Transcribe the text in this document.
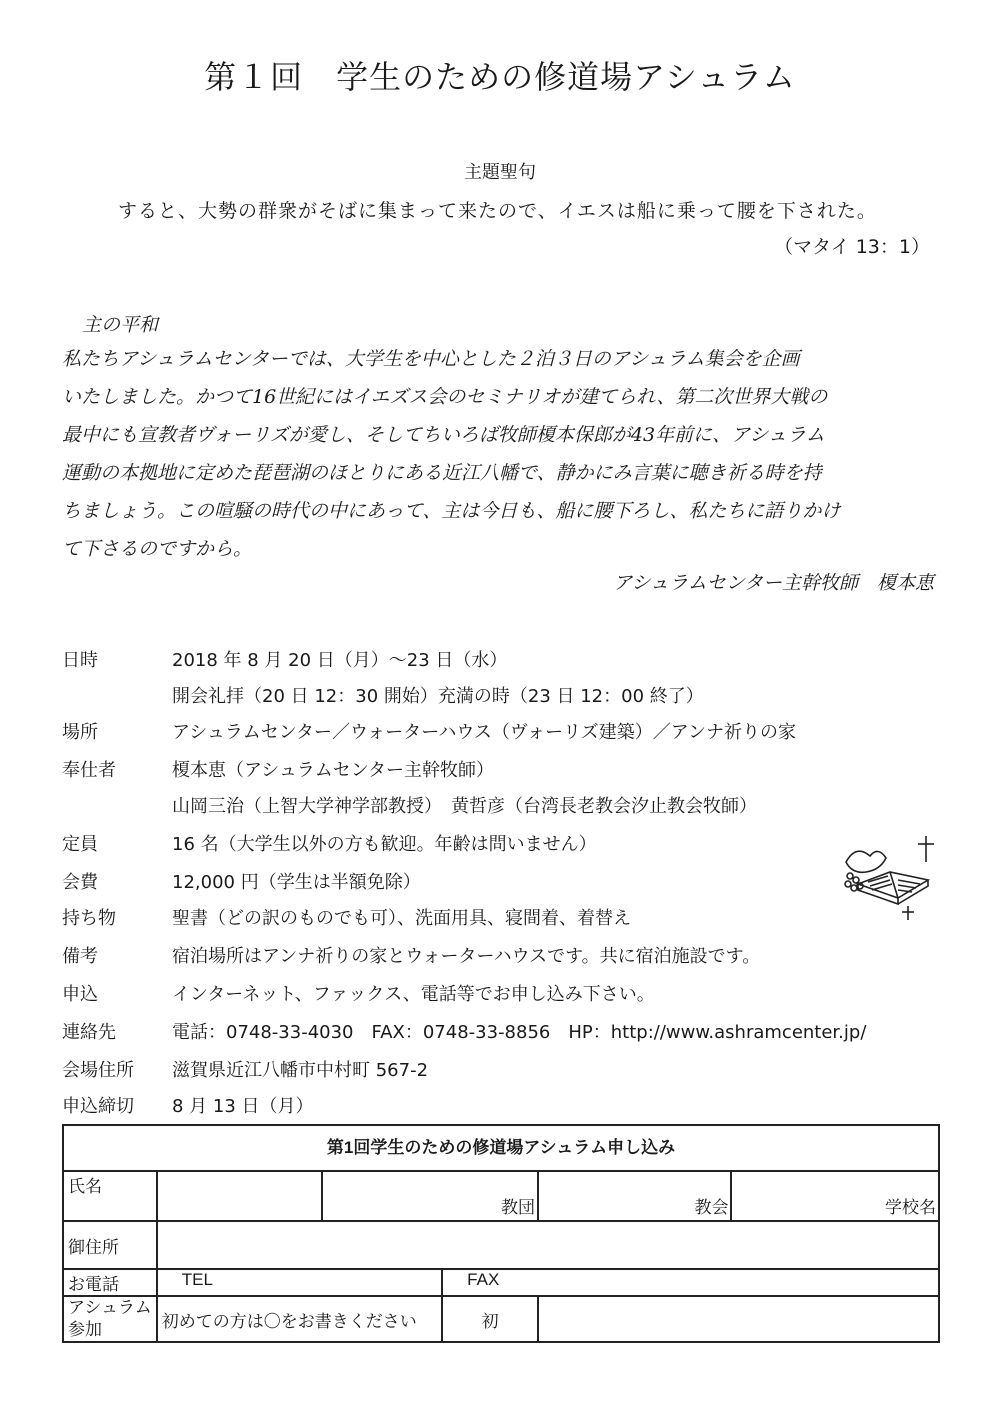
第１回　学生のための修道場アシュラム
主題聖句
すると、大勢の群衆がそばに集まって来たので、イエスは船に乗って腰を下された。
（マタイ 13：1）
主の平和
私たちアシュラムセンターでは、大学生を中心とした２泊３日のアシュラム集会を企画
いたしました。かつて16世紀にはイエズス会のセミナリオが建てられ、第二次世界大戦の
最中にも宣教者ヴォーリズが愛し、そしてちいろば牧師榎本保郎が43年前に、アシュラム
運動の本拠地に定めた琵琶湖のほとりにある近江八幡で、静かにみ言葉に聴き祈る時を持
ちましょう。この喧騒の時代の中にあって、主は今日も、船に腰下ろし、私たちに語りかけ
て下さるのですから。
アシュラムセンター主幹牧師　榎本恵
日時	2018 年 8 月 20 日（月）～23 日（水）
開会礼拝（20 日 12：30 開始）充満の時（23 日 12：00 終了）
場所	アシュラムセンター／ウォーターハウス（ヴォーリズ建築）／アンナ祈りの家
奉仕者	榎本恵（アシュラムセンター主幹牧師）
山岡三治（上智大学神学部教授）　黄哲彦（台湾長老教会汐止教会牧師）
定員	16 名（大学生以外の方も歓迎。年齢は問いません）
会費	12,000 円（学生は半額免除）
持ち物	聖書（どの訳のものでも可）、洗面用具、寝間着、着替え
備考	宿泊場所はアンナ祈りの家とウォーターハウスです。共に宿泊施設です。
申込	インターネット、ファックス、電話等でお申し込み下さい。
連絡先	電話：0748-33-4030　FAX：0748-33-8856　HP：http://www.ashramcenter.jp/
会場住所	滋賀県近江八幡市中村町 567-2
申込締切	8 月 13 日（月）
第1回学生のための修道場アシュラム申し込み					
氏名		教団		教会	学校名

御住所					
お電話	TEL		FAX		

アシュラム
参加	初めての方は〇をお書きください		初		
